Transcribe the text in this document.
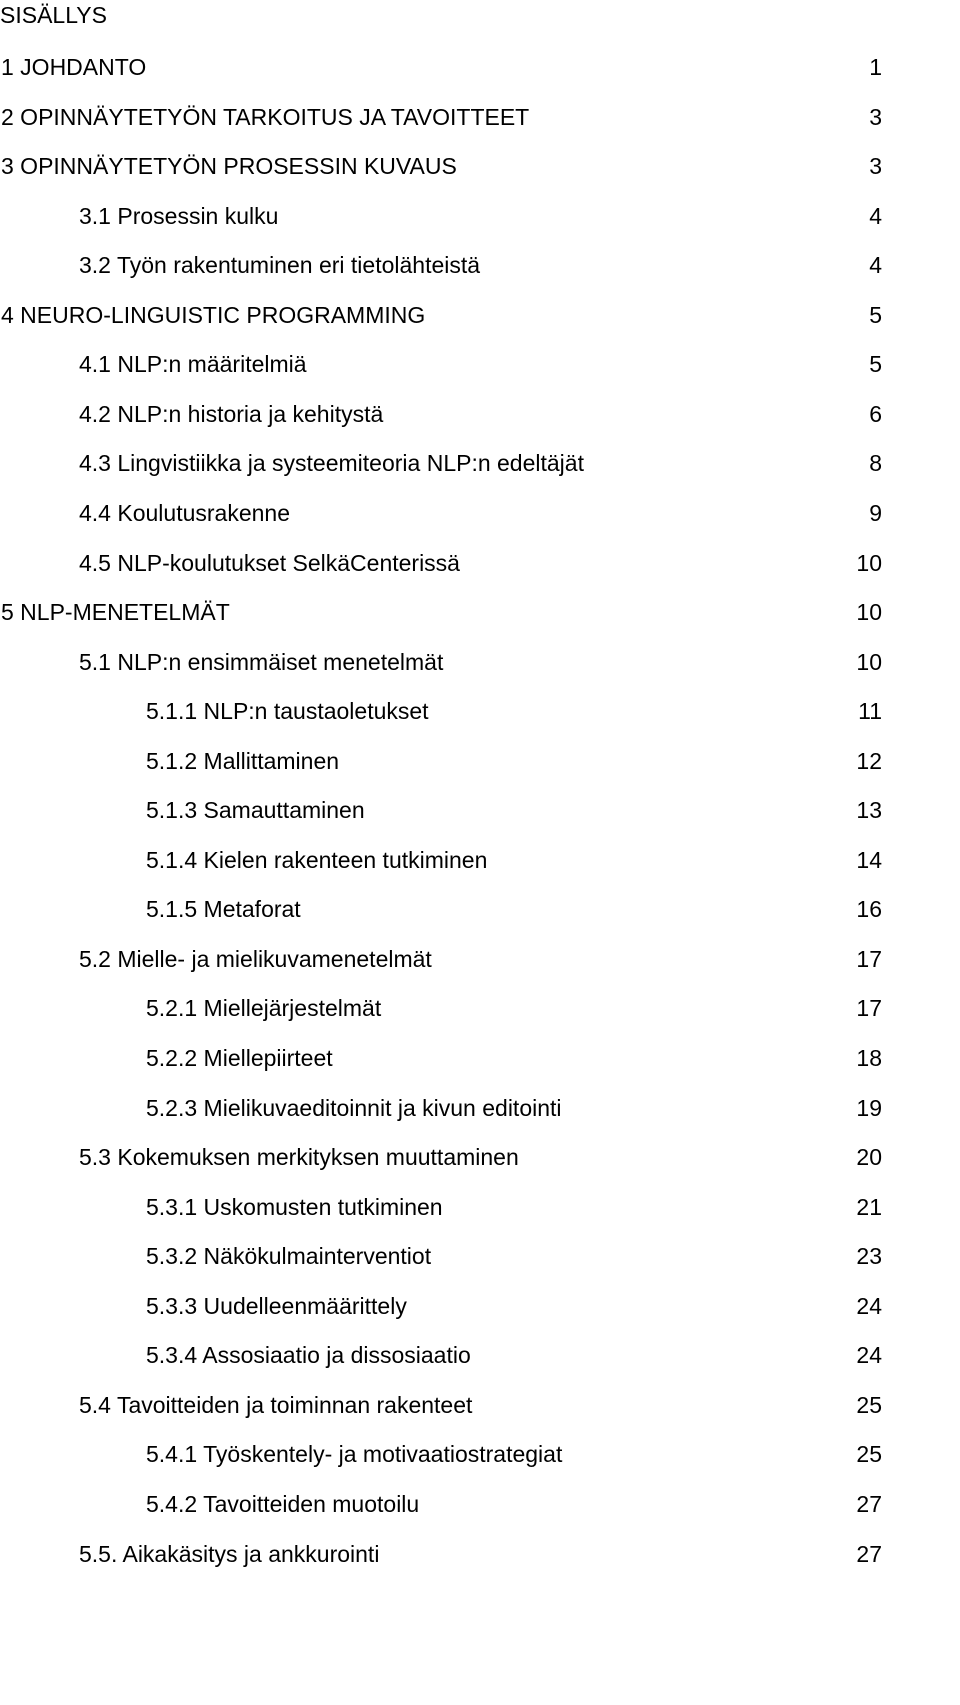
SISÄLLYS
1 JOHDANTO	1
2 OPINNÄYTETYÖN TARKOITUS JA TAVOITTEET	3
3 OPINNÄYTETYÖN PROSESSIN KUVAUS	3
3.1 Prosessin kulku	4
3.2 Työn rakentuminen eri tietolähteistä	4
4 NEURO-LINGUISTIC PROGRAMMING	5
4.1 NLP:n määritelmiä	5
4.2 NLP:n historia ja kehitystä	6
4.3 Lingvistiikka ja systeemiteoria NLP:n edeltäjät	8
4.4 Koulutusrakenne	9
4.5 NLP-koulutukset SelkäCenterissä	10
5 NLP-MENETELMÄT	10
5.1 NLP:n ensimmäiset menetelmät	10
5.1.1 NLP:n taustaoletukset	11
5.1.2 Mallittaminen	12
5.1.3 Samauttaminen	13
5.1.4 Kielen rakenteen tutkiminen	14
5.1.5 Metaforat	16
5.2 Mielle- ja mielikuvamenetelmät	17
5.2.1 Miellejärjestelmät	17
5.2.2 Miellepiirteet	18
5.2.3 Mielikuvaeditoinnit ja kivun editointi	19
5.3 Kokemuksen merkityksen muuttaminen	20
5.3.1 Uskomusten tutkiminen	21
5.3.2 Näkökulmainterventiot	23
5.3.3 Uudelleenmäärittely	24
5.3.4 Assosiaatio ja dissosiaatio	24
5.4 Tavoitteiden ja toiminnan rakenteet	25
5.4.1 Työskentely- ja motivaatiostrategiat	25
5.4.2 Tavoitteiden muotoilu	27
5.5. Aikakäsitys ja ankkurointi	27
